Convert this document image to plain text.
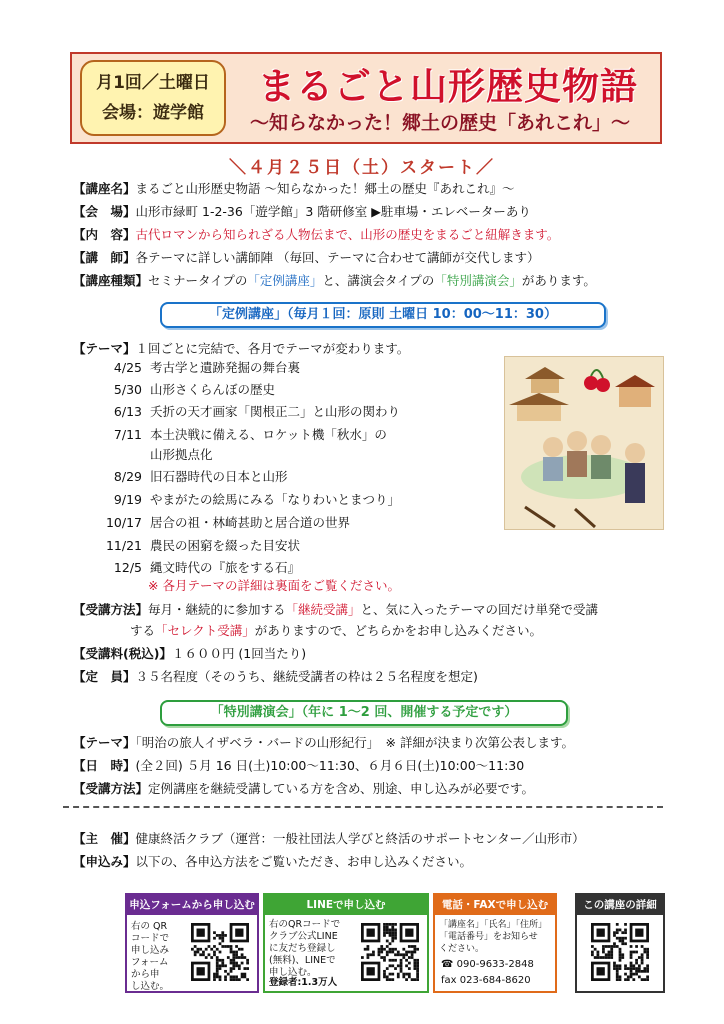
月1回／土曜日
会場：遊学館
まるごと山形歴史物語
〜知らなかった！郷土の歴史「あれこれ」〜
＼４月２５日（土）スタート／
【講座名】まるごと山形歴史物語 〜知らなかった！郷土の歴史『あれこれ』〜
【会　場】山形市緑町 1-2-36「遊学館」3 階研修室 ▶駐車場・エレベーターあり
【内　容】古代ロマンから知られざる人物伝まで、山形の歴史をまるごと紐解きます。
【講　師】各テーマに詳しい講師陣 （毎回、テーマに合わせて講師が交代します）
【講座種類】セミナータイプの「定例講座」と、講演会タイプの「特別講演会」があります。
「定例講座」（毎月１回：原則 土曜日 10：00〜11：30）
【テーマ】１回ごとに完結で、各月でテーマが変わります。
4/25 考古学と遺跡発掘の舞台裏
5/30 山形さくらんぼの歴史
6/13 夭折の天才画家「関根正二」と山形の関わり
7/11 本土決戦に備える、ロケット機「秋水」の
山形拠点化
8/29 旧石器時代の日本と山形
9/19 やまがたの絵馬にみる「なりわいとまつり」
10/17 居合の祖・林崎甚助と居合道の世界
11/21 農民の困窮を綴った目安状
12/5 縄文時代の『旅をする石』
※ 各月テーマの詳細は裏面をご覧ください。
【受講方法】毎月・継続的に参加する「継続受講」と、気に入ったテーマの回だけ単発で受講
する「セレクト受講」がありますので、どちらかをお申し込みください。
【受講料(税込)】１６００円 (1回当たり)
【定　員】３５名程度（そのうち、継続受講者の枠は２５名程度を想定)
「特別講演会」（年に 1〜2 回、開催する予定です）
【テーマ】「明治の旅人イザベラ・バードの山形紀行」　※ 詳細が決まり次第公表します。
【日　時】(全２回) ５月 16 日(土)10:00〜11:30、６月６日(土)10:00〜11:30
【受講方法】定例講座を継続受講している方を含め、別途、申し込みが必要です。
【主　催】健康終活クラブ（運営：一般社団法人学びと終活のサポートセンター／山形市）
【申込み】以下の、各申込方法をご覧いただき、お申し込みください。
申込フォームから申し込む
右の QR
コードで
申し込み
フォーム
から申
し込む。
LINEで申し込む
右のQRコードで
クラブ公式LINE
に友だち登録し
(無料)、LINEで
申し込む。
登録者:1.3万人
電話・FAXで申し込む
「講座名」「氏名」「住所」
「電話番号」をお知らせ
ください。
☎ 090-9633-2848
fax 023-684-8620
この講座の詳細
